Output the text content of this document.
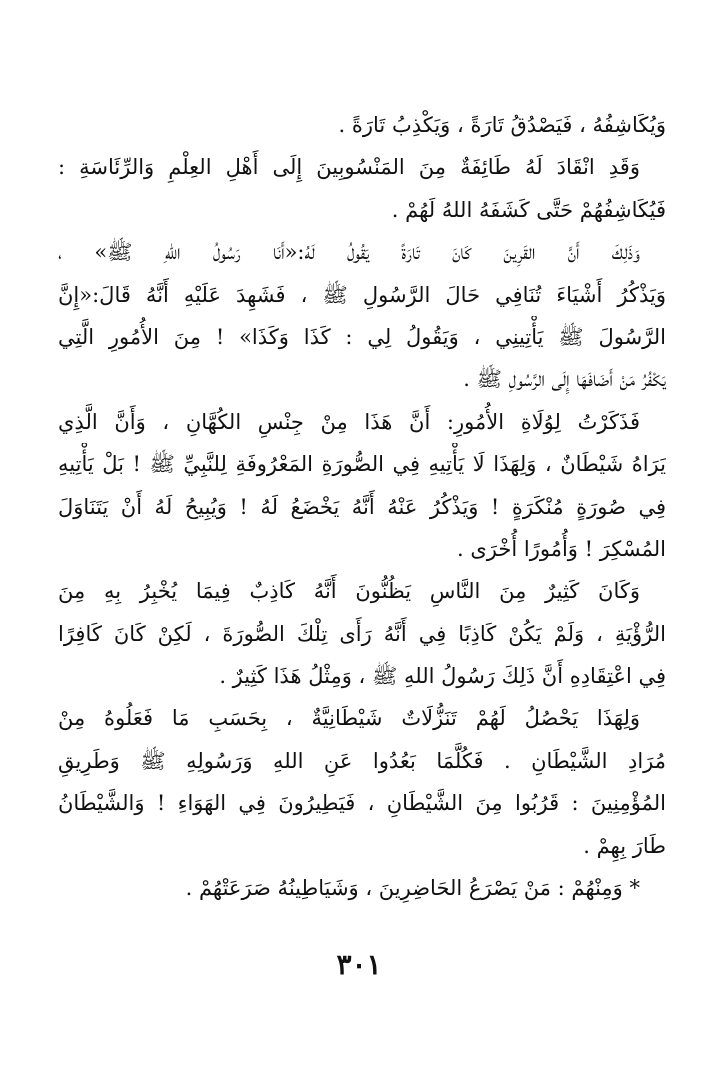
وَيُكَاشِفُهُ ، فَيَصْدُقُ تَارَةً ، وَيَكْذِبُ تَارَةً .
وَقَدِ انْقَادَ لَهُ طَائِفَةٌ مِنَ المَنْسُوبِينَ إِلَى أَهْلِ العِلْمِ وَالرِّئَاسَةِ :
فَيُكَاشِفُهُمْ حَتَّى كَشَفَهُ اللهُ لَهُمْ .
وَذَلِكَ أَنَّ القَرِينَ كَانَ تَارَةً يَقُولُ لَهُ:«أَنَا رَسُولُ اللهِ ﷺ» ،
وَيَذْكُرُ أَشْيَاءَ تُنَافِي حَالَ الرَّسُولِ ﷺ ، فَشَهِدَ عَلَيْهِ أَنَّهُ قَالَ:«إِنَّ
الرَّسُولَ ﷺ يَأْتِينِي ، وَيَقُولُ لِي : كَذَا وَكَذَا» ! مِنَ الأُمُورِ الَّتِي
يَكْفُرُ مَنْ أَضَافَهَا إِلَى الرَّسُولِ ﷺ .
فَذَكَرْتُ لِوُلَاةِ الأُمُورِ: أَنَّ هَذَا مِنْ جِنْسِ الكُهَّانِ ، وَأَنَّ الَّذِي
يَرَاهُ شَيْطَانٌ ، وَلِهَذَا لَا يَأْتِيهِ فِي الصُّورَةِ المَعْرُوفَةِ لِلنَّبِيِّ ﷺ ! بَلْ يَأْتِيهِ
فِي صُورَةٍ مُنْكَرَةٍ ! وَيَذْكُرُ عَنْهُ أَنَّهُ يَخْضَعُ لَهُ ! وَيُبِيحُ لَهُ أَنْ يَتَنَاوَلَ
المُسْكِرَ ! وَأُمُورًا أُخْرَى .
وَكَانَ كَثِيرٌ مِنَ النَّاسِ يَظُنُّونَ أَنَّهُ كَاذِبٌ فِيمَا يُخْبِرُ بِهِ مِنَ
الرُّؤْيَةِ ، وَلَمْ يَكُنْ كَاذِبًا فِي أَنَّهُ رَأَى تِلْكَ الصُّورَةَ ، لَكِنْ كَانَ كَافِرًا
فِي اعْتِقَادِهِ أَنَّ ذَلِكَ رَسُولُ اللهِ ﷺ ، وَمِثْلُ هَذَا كَثِيرٌ .
وَلِهَذَا يَحْصُلُ لَهُمْ تَنَزُّلَاتٌ شَيْطَانِيَّةٌ ، بِحَسَبِ مَا فَعَلُوهُ مِنْ
مُرَادِ الشَّيْطَانِ . فَكُلَّمَا بَعُدُوا عَنِ اللهِ وَرَسُولِهِ ﷺ وَطَرِيقِ
المُؤْمِنِينَ : قَرُبُوا مِنَ الشَّيْطَانِ ، فَيَطِيرُونَ فِي الهَوَاءِ ! وَالشَّيْطَانُ
طَارَ بِهِمْ .
* وَمِنْهُمْ : مَنْ يَصْرَعُ الحَاضِرِينَ ، وَشَيَاطِينُهُ صَرَعَتْهُمْ .
٣٠١
